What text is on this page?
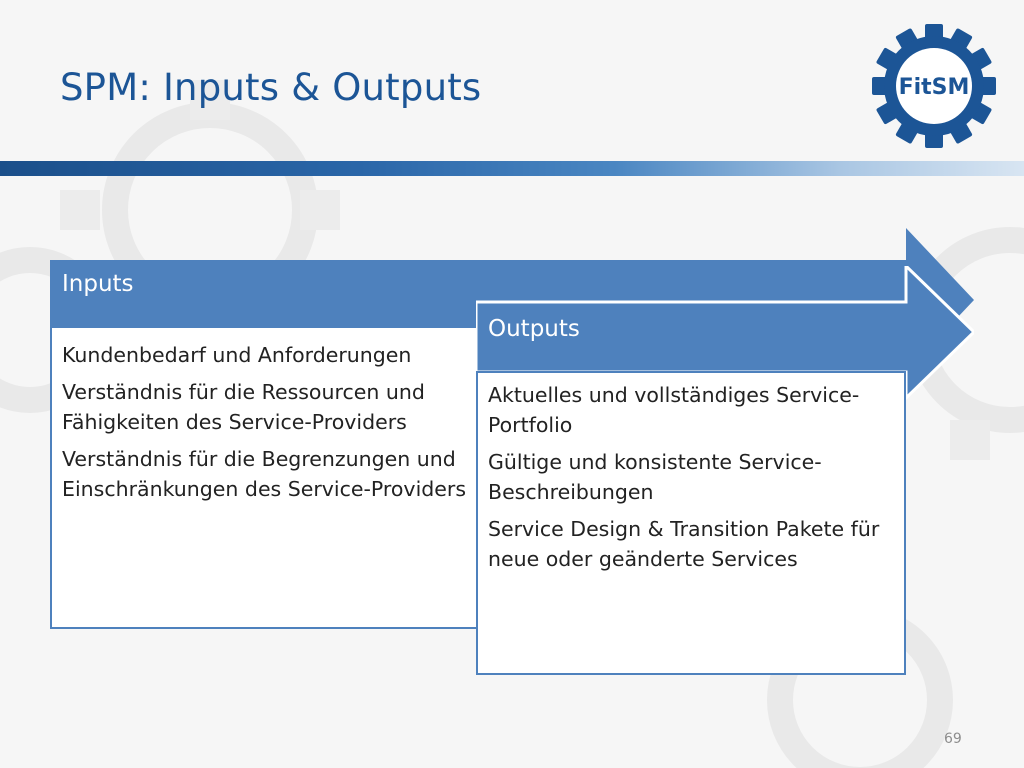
SPM: Inputs & Outputs	FitSM
Inputs
Kundenbedarf und Anforderungen
Verständnis für die Ressourcen und Fähigkeiten des Service-Providers
Verständnis für die Begrenzungen und Einschränkungen des Service-Providers
Outputs
Aktuelles und vollständiges Service-Portfolio
Gültige und konsistente Service-Beschreibungen
Service Design & Transition Pakete für neue oder geänderte Services
69
